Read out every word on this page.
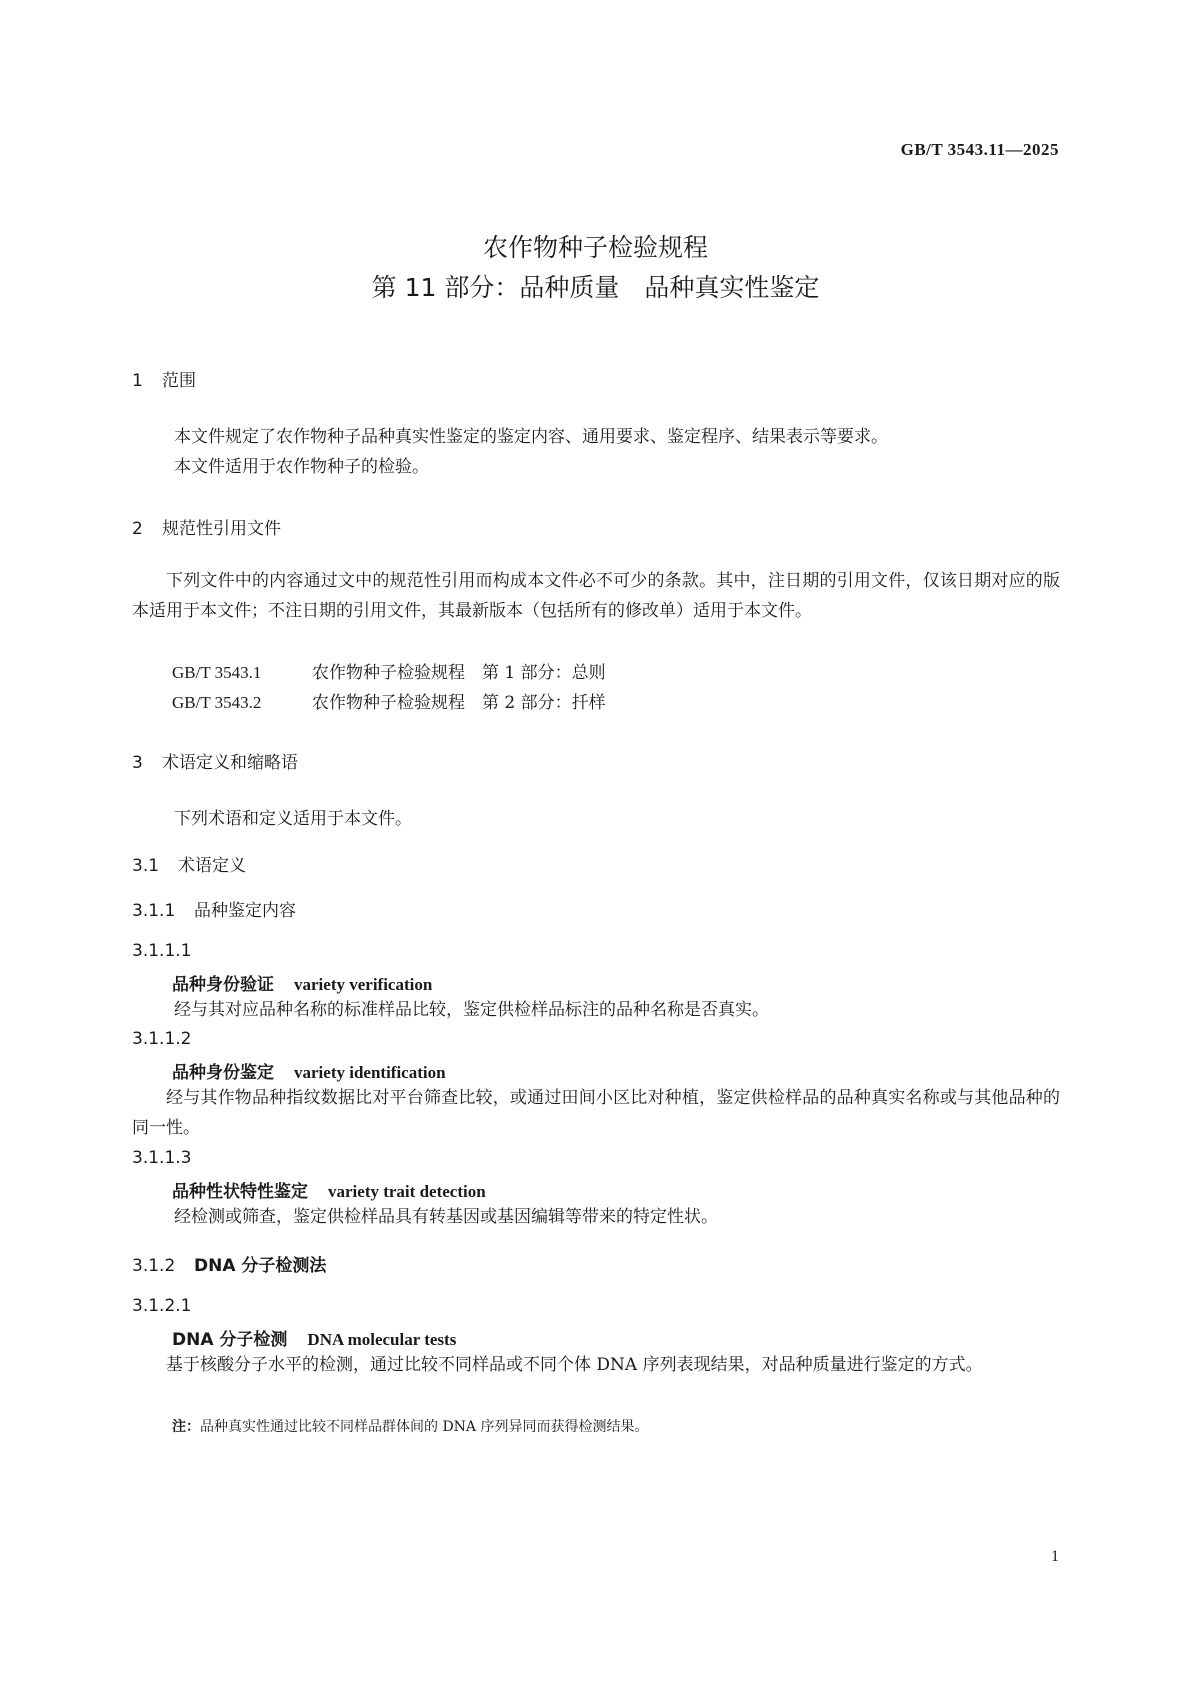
GB/T 3543.11—2025
农作物种子检验规程
第 11 部分：品种质量　品种真实性鉴定
1 范围
本文件规定了农作物种子品种真实性鉴定的鉴定内容、通用要求、鉴定程序、结果表示等要求。
本文件适用于农作物种子的检验。
2 规范性引用文件
下列文件中的内容通过文中的规范性引用而构成本文件必不可少的条款。其中，注日期的引用文件，仅该日期对应的版本适用于本文件；不注日期的引用文件，其最新版本（包括所有的修改单）适用于本文件。
GB/T 3543.1	农作物种子检验规程　第 1 部分：总则
GB/T 3543.2	农作物种子检验规程　第 2 部分：扦样
3 术语定义和缩略语
下列术语和定义适用于本文件。
3.1 术语定义
3.1.1 品种鉴定内容
3.1.1.1
品种身份验证 variety verification
经与其对应品种名称的标准样品比较，鉴定供检样品标注的品种名称是否真实。
3.1.1.2
品种身份鉴定 variety identification
经与其作物品种指纹数据比对平台筛查比较，或通过田间小区比对种植，鉴定供检样品的品种真实名称或与其他品种的同一性。
3.1.1.3
品种性状特性鉴定 variety trait detection
经检测或筛查，鉴定供检样品具有转基因或基因编辑等带来的特定性状。
3.1.2 DNA 分子检测法
3.1.2.1
DNA 分子检测 DNA molecular tests
基于核酸分子水平的检测，通过比较不同样品或不同个体 DNA 序列表现结果，对品种质量进行鉴定的方式。
注：品种真实性通过比较不同样品群体间的 DNA 序列异同而获得检测结果。
1
